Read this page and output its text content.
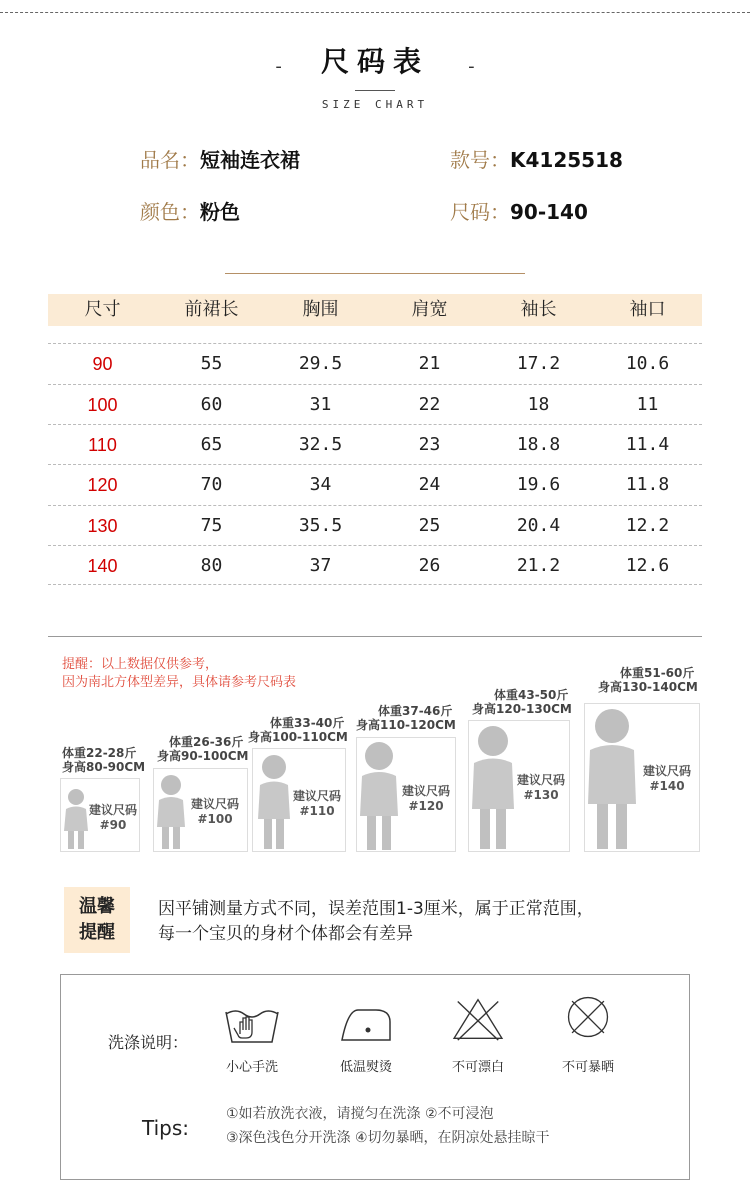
- 尺码表 -
SIZE CHART
品名：短袖连衣裙	款号：K4125518
颜色：粉色	尺码：90-140
尺寸	前裙长	胸围	肩宽	袖长	袖口
90	55	29.5	21	17.2	10.6
100	60	31	22	18	11
110	65	32.5	23	18.8	11.4
120	70	34	24	19.6	11.8
130	75	35.5	25	20.4	12.2
140	80	37	26	21.2	12.6
提醒：以上数据仅供参考，
因为南北方体型差异，具体请参考尺码表
体重22-28斤
身高80-90CM
建议尺码
#90
体重26-36斤
身高90-100CM
建议尺码
#100
体重33-40斤
身高100-110CM
建议尺码
#110
体重37-46斤
身高110-120CM
建议尺码
#120
体重43-50斤
身高120-130CM
建议尺码
#130
体重51-60斤
身高130-140CM
建议尺码
#140
温馨
提醒
因平铺测量方式不同，误差范围1-3厘米，属于正常范围，
每一个宝贝的身材个体都会有差异
洗涤说明：
小心手洗	低温熨烫	不可漂白	不可暴晒
Tips:
①如若放洗衣液，请搅匀在洗涤 ②不可浸泡
③深色浅色分开洗涤 ④切勿暴晒，在阴凉处悬挂晾干
